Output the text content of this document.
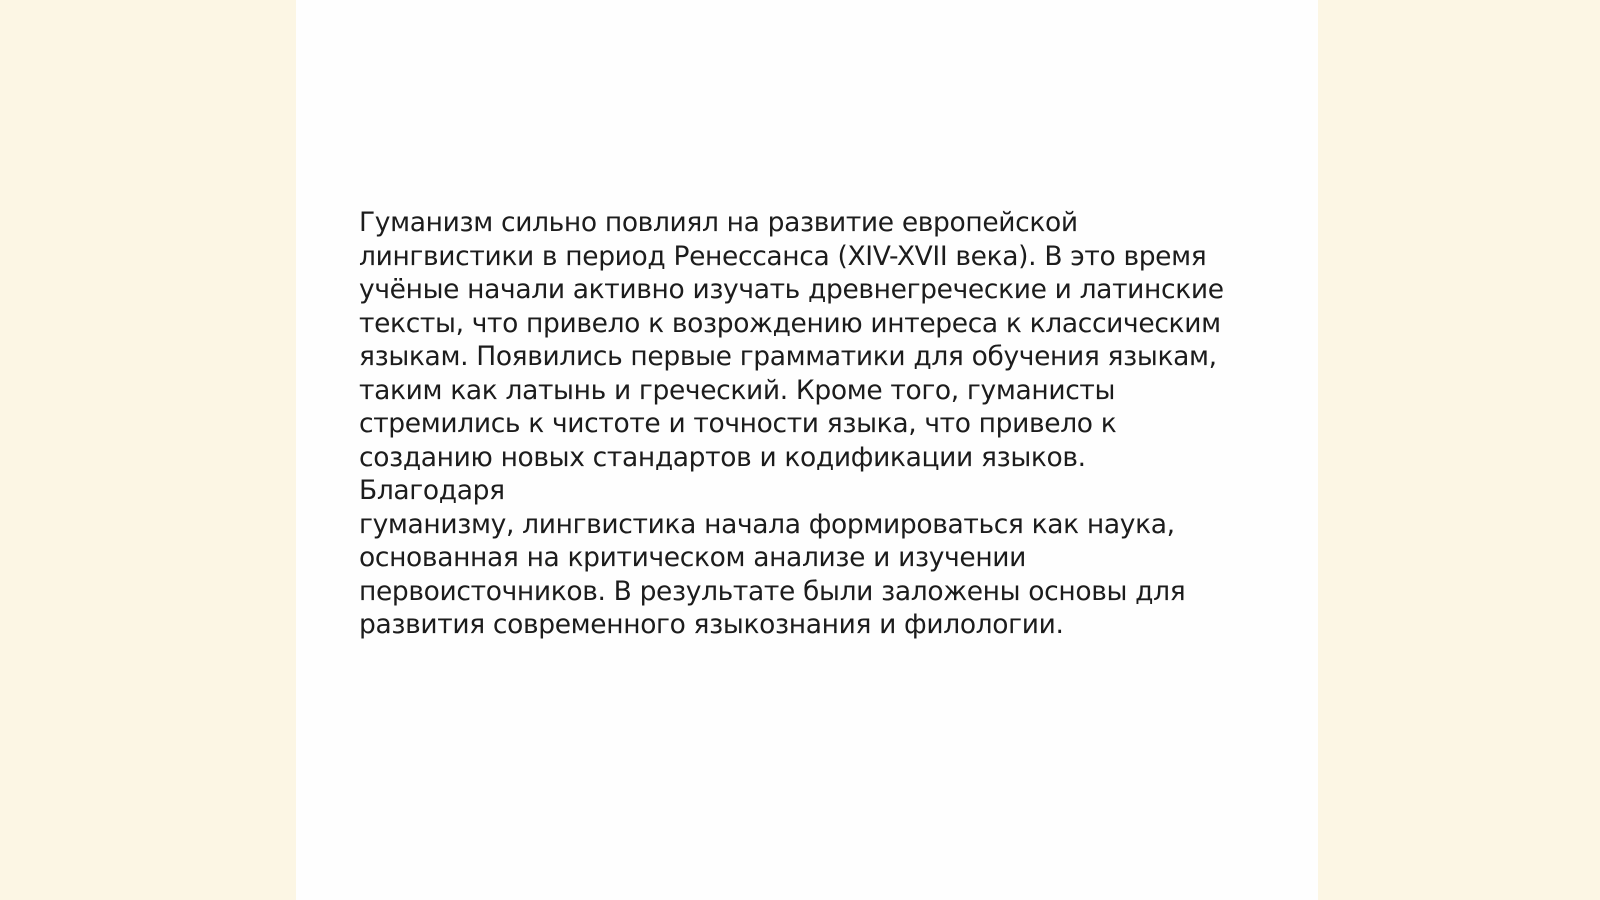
Гуманизм сильно повлиял на развитие европейской
лингвистики в период Ренессанса (XIV-XVII века). В это время
учёные начали активно изучать древнегреческие и латинские
тексты, что привело к возрождению интереса к классическим
языкам. Появились первые грамматики для обучения языкам,
таким как латынь и греческий. Кроме того, гуманисты
стремились к чистоте и точности языка, что привело к
созданию новых стандартов и кодификации языков. Благодаря
гуманизму, лингвистика начала формироваться как наука,
основанная на критическом анализе и изучении
первоисточников. В результате были заложены основы для
развития современного языкознания и филологии.
